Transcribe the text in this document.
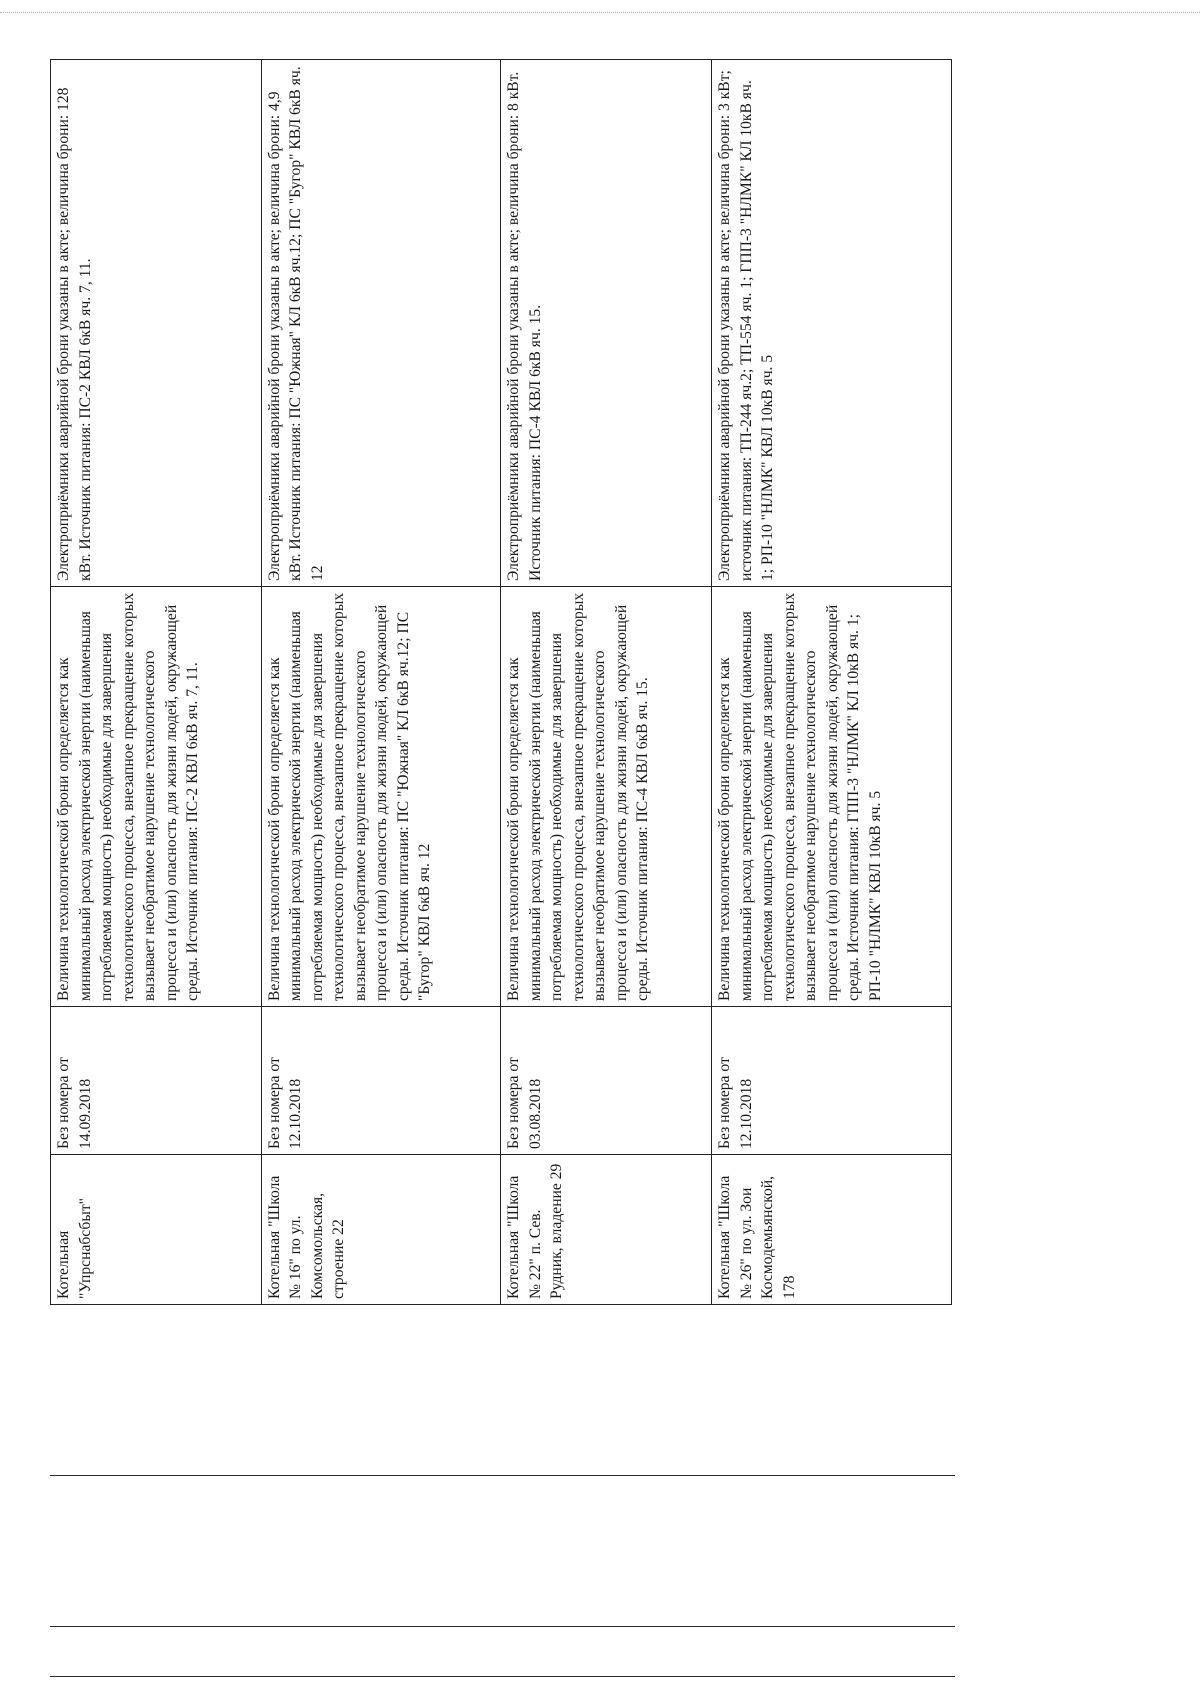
Котельная "Упрснабсбыт"	Без номера от 14.09.2018	Величина технологической брони определяется как минимальный расход электрической энергии (наименьшая потребляемая мощность) необходимые для завершения технологического процесса, внезапное прекращение которых вызывает необратимое нарушение технологического процесса и (или) опасность для жизни людей, окружающей среды. Источник питания: ПС-2 КВЛ 6кВ яч. 7, 11.	Электроприёмники аварийной брони указаны в акте; величина брони: 128 кВт. Источник питания: ПС-2 КВЛ 6кВ яч. 7, 11.
Котельная "Школа № 16" по ул. Комсомольская, строение 22	Без номера от 12.10.2018	Величина технологической брони определяется как минимальный расход электрической энергии (наименьшая потребляемая мощность) необходимые для завершения технологического процесса, внезапное прекращение которых вызывает необратимое нарушение технологического процесса и (или) опасность для жизни людей, окружающей среды. Источник питания: ПС "Южная" КЛ 6кВ яч.12; ПС "Бугор" КВЛ 6кВ яч. 12	Электроприёмники аварийной брони указаны в акте; величина брони: 4,9 кВт. Источник питания: ПС "Южная" КЛ 6кВ яч.12; ПС "Бугор" КВЛ 6кВ яч. 12
Котельная "Школа № 22" п. Сев. Рудник, владение 29	Без номера от 03.08.2018	Величина технологической брони определяется как минимальный расход электрической энергии (наименьшая потребляемая мощность) необходимые для завершения технологического процесса, внезапное прекращение которых вызывает необратимое нарушение технологического процесса и (или) опасность для жизни людей, окружающей среды. Источник питания: ПС-4 КВЛ 6кВ яч. 15.	Электроприёмники аварийной брони указаны в акте; величина брони: 8 кВт. Источник питания: ПС-4 КВЛ 6кВ яч. 15.
Котельная "Школа № 26" по ул. Зои Космодемьянской, 178	Без номера от 12.10.2018	Величина технологической брони определяется как минимальный расход электрической энергии (наименьшая потребляемая мощность) необходимые для завершения технологического процесса, внезапное прекращение которых вызывает необратимое нарушение технологического процесса и (или) опасность для жизни людей, окружающей среды. Источник питания: ГПП-3 "НЛМК" КЛ 10кВ яч. 1; РП-10 "НЛМК" КВЛ 10кВ яч. 5	Электроприёмники аварийной брони указаны в акте; величина брони: 3 кВт; источник питания: ТП-244 яч.2; ТП-554 яч. 1; ГПП-3 "НЛМК" КЛ 10кВ яч. 1; РП-10 "НЛМК" КВЛ 10кВ яч. 5
